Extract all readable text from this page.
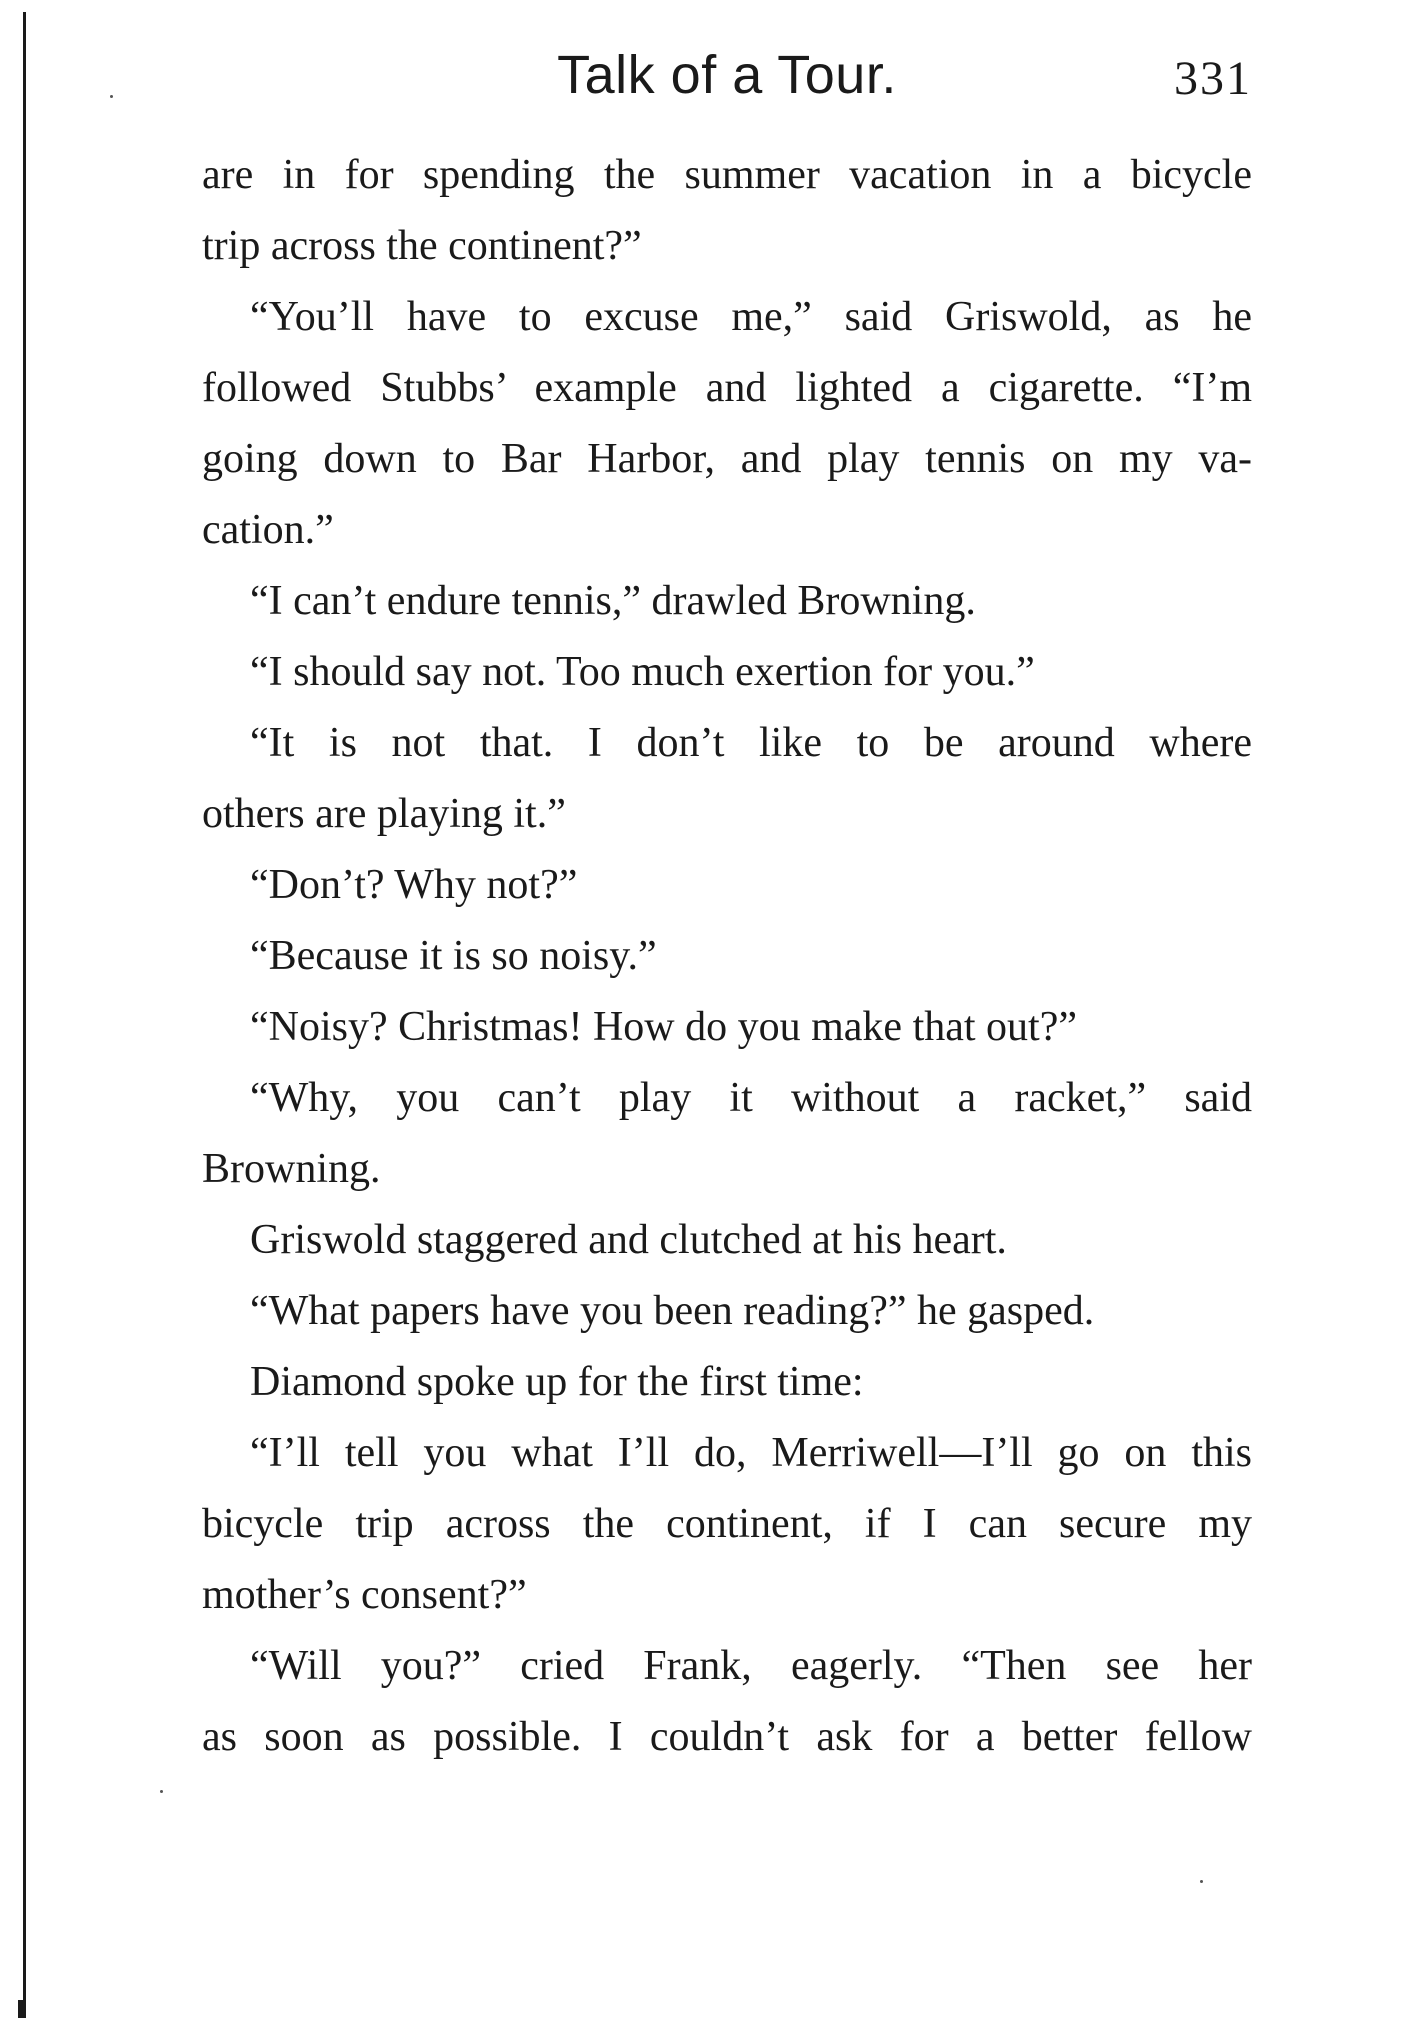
Talk of a Tour.	331
are in for spending the summer vacation in a bicycle
trip across the continent?”
“You’ll have to excuse me,” said Griswold, as he
followed Stubbs’ example and lighted a cigarette. “I’m
going down to Bar Harbor, and play tennis on my va-
cation.”
“I can’t endure tennis,” drawled Browning.
“I should say not. Too much exertion for you.”
“It is not that. I don’t like to be around where
others are playing it.”
“Don’t? Why not?”
“Because it is so noisy.”
“Noisy? Christmas! How do you make that out?”
“Why, you can’t play it without a racket,” said
Browning.
Griswold staggered and clutched at his heart.
“What papers have you been reading?” he gasped.
Diamond spoke up for the first time:
“I’ll tell you what I’ll do, Merriwell—I’ll go on this
bicycle trip across the continent, if I can secure my
mother’s consent?”
“Will you?” cried Frank, eagerly. “Then see her
as soon as possible. I couldn’t ask for a better fellow
